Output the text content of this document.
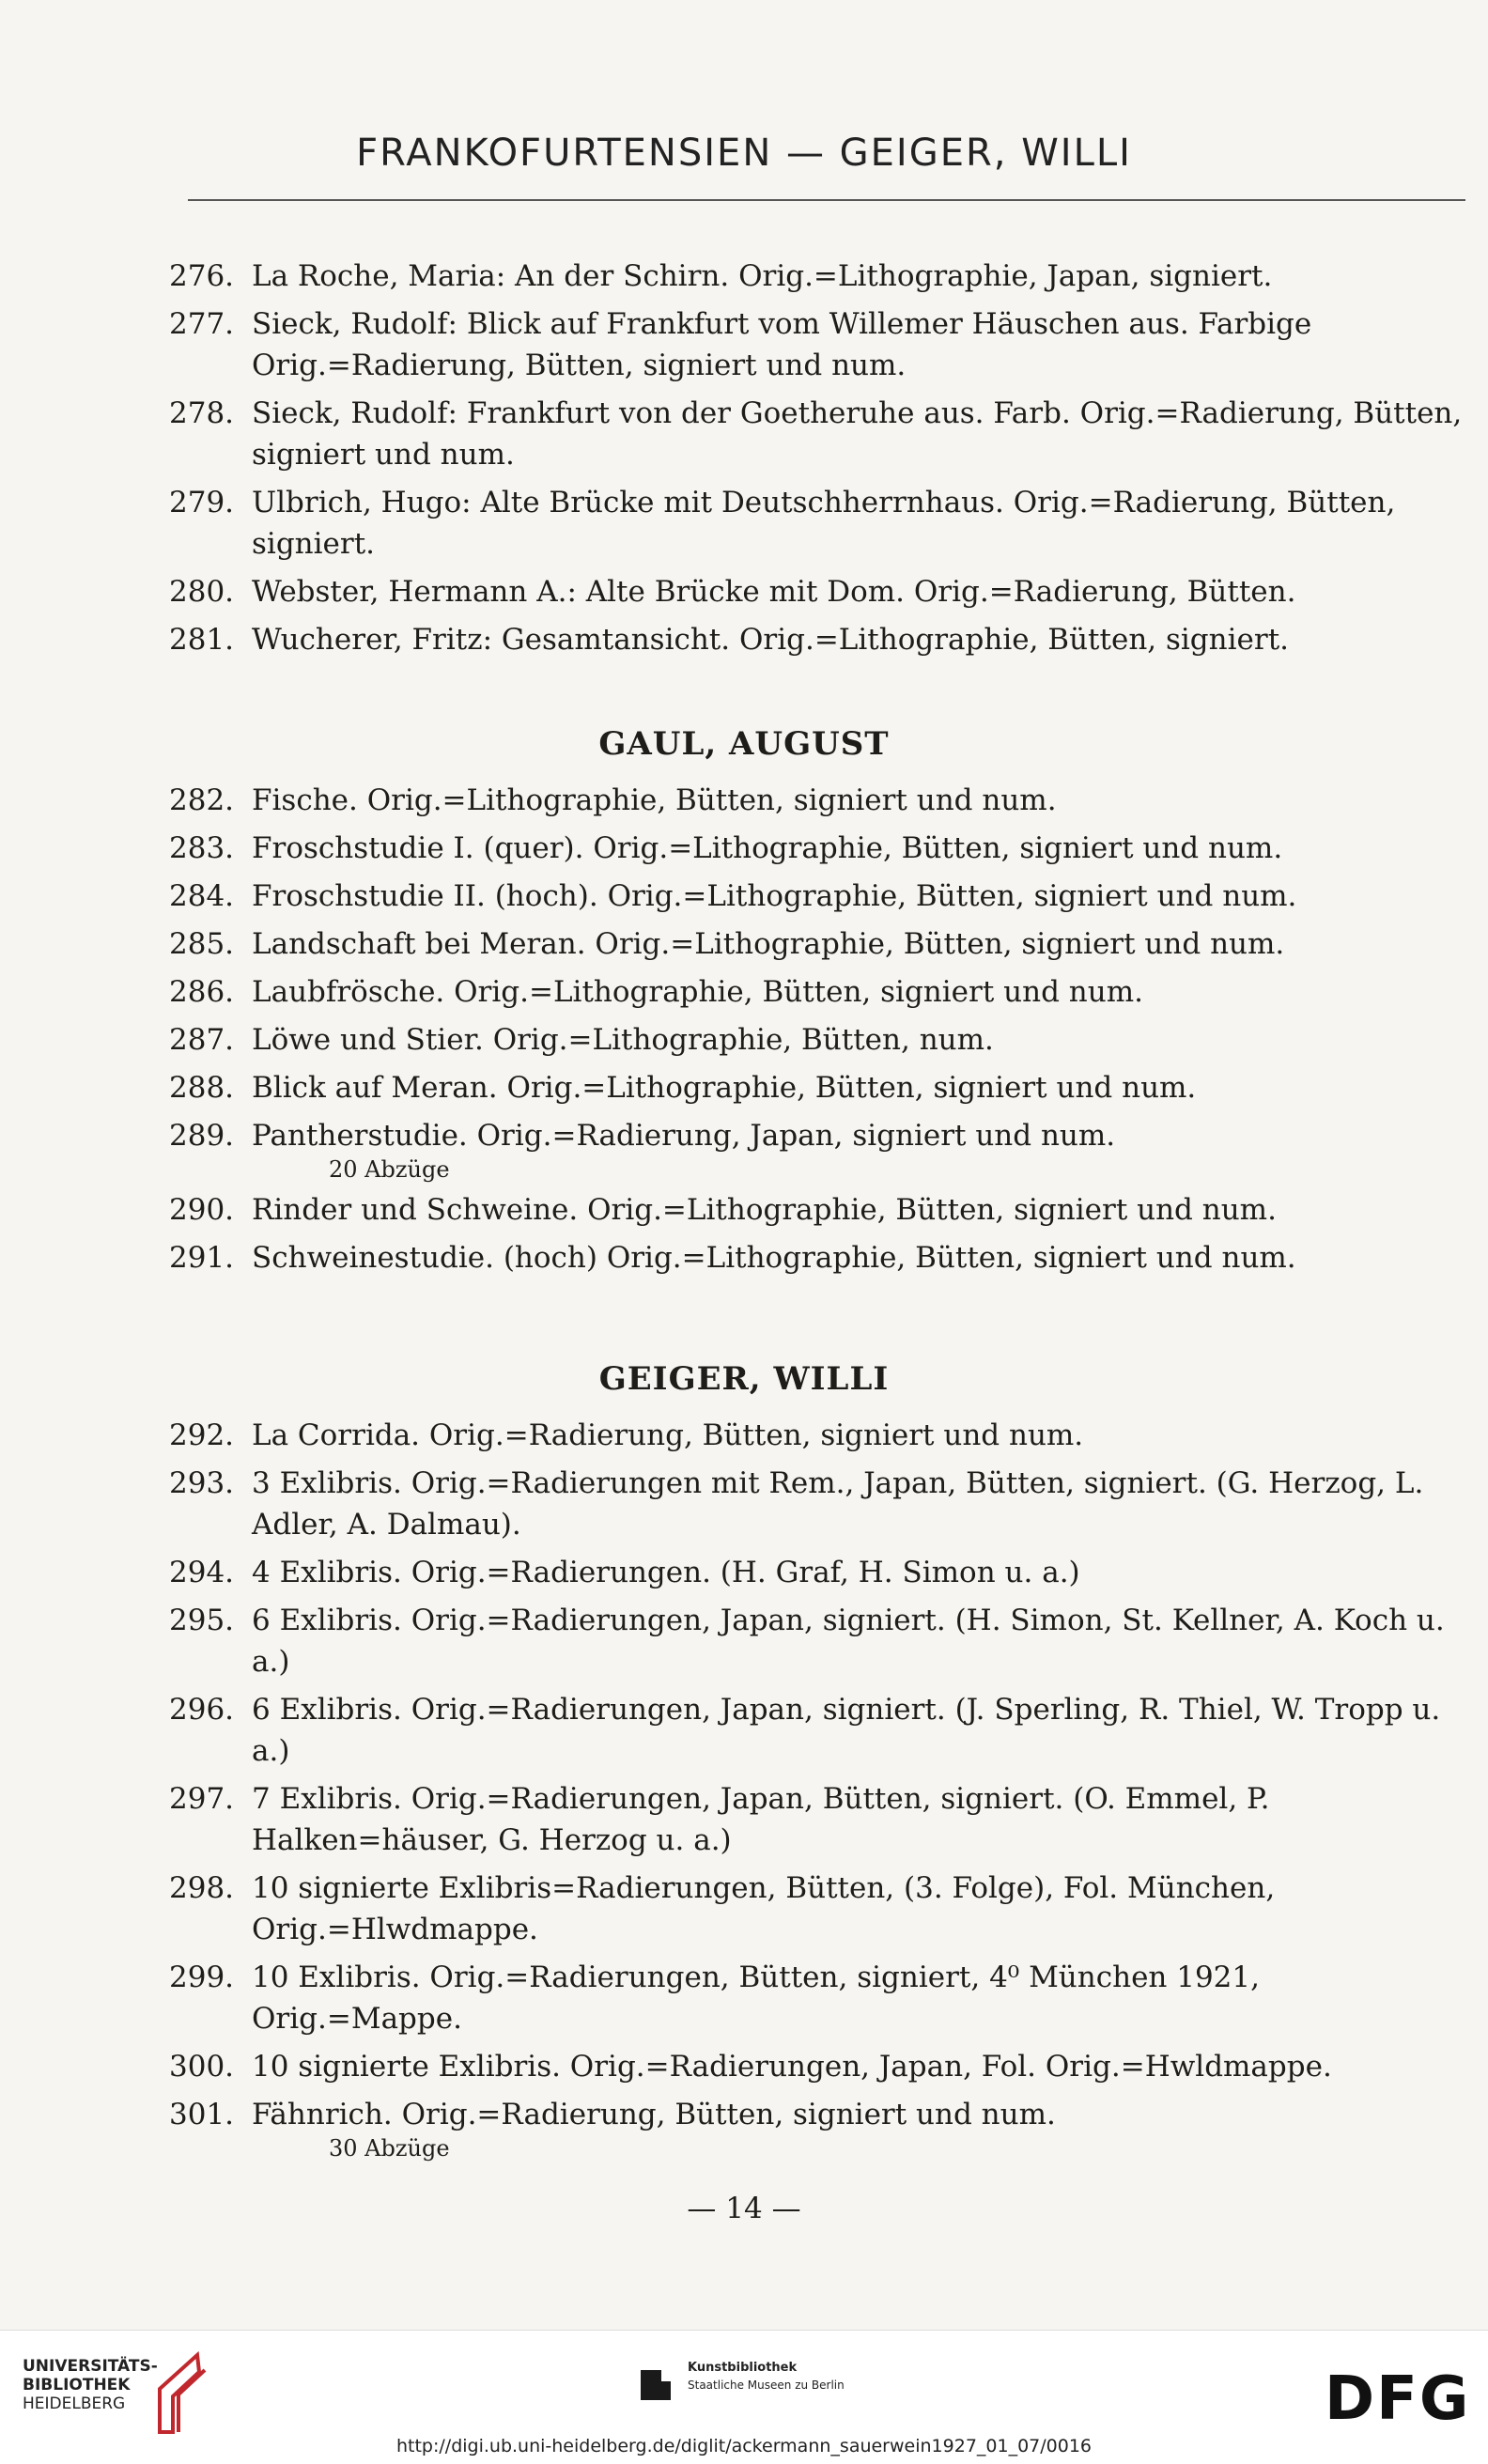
FRANKOFURTENSIEN — GEIGER, WILLI
276. La Roche, Maria: An der Schirn. Orig.=Lithographie, Japan, signiert.
277. Sieck, Rudolf: Blick auf Frankfurt vom Willemer Häuschen aus. Farbige Orig.=Radierung, Bütten, signiert und num.
278. Sieck, Rudolf: Frankfurt von der Goetheruhe aus. Farb. Orig.=Radierung, Bütten, signiert und num.
279. Ulbrich, Hugo: Alte Brücke mit Deutschherrnhaus. Orig.=Radierung, Bütten, signiert.
280. Webster, Hermann A.: Alte Brücke mit Dom. Orig.=Radierung, Bütten.
281. Wucherer, Fritz: Gesamtansicht. Orig.=Lithographie, Bütten, signiert.
GAUL, AUGUST
282. Fische. Orig.=Lithographie, Bütten, signiert und num.
283. Froschstudie I. (quer). Orig.=Lithographie, Bütten, signiert und num.
284. Froschstudie II. (hoch). Orig.=Lithographie, Bütten, signiert und num.
285. Landschaft bei Meran. Orig.=Lithographie, Bütten, signiert und num.
286. Laubfrösche. Orig.=Lithographie, Bütten, signiert und num.
287. Löwe und Stier. Orig.=Lithographie, Bütten, num.
288. Blick auf Meran. Orig.=Lithographie, Bütten, signiert und num.
289. Pantherstudie. Orig.=Radierung, Japan, signiert und num.
20 Abzüge
290. Rinder und Schweine. Orig.=Lithographie, Bütten, signiert und num.
291. Schweinestudie. (hoch) Orig.=Lithographie, Bütten, signiert und num.
GEIGER, WILLI
292. La Corrida. Orig.=Radierung, Bütten, signiert und num.
293. 3 Exlibris. Orig.=Radierungen mit Rem., Japan, Bütten, signiert. (G. Herzog, L. Adler, A. Dalmau).
294. 4 Exlibris. Orig.=Radierungen. (H. Graf, H. Simon u. a.)
295. 6 Exlibris. Orig.=Radierungen, Japan, signiert. (H. Simon, St. Kellner, A. Koch u. a.)
296. 6 Exlibris. Orig.=Radierungen, Japan, signiert. (J. Sperling, R. Thiel, W. Tropp u. a.)
297. 7 Exlibris. Orig.=Radierungen, Japan, Bütten, signiert. (O. Emmel, P. Halken=häuser, G. Herzog u. a.)
298. 10 signierte Exlibris=Radierungen, Bütten, (3. Folge), Fol. München, Orig.=Hlwdmappe.
299. 10 Exlibris. Orig.=Radierungen, Bütten, signiert, 4⁰ München 1921, Orig.=Mappe.
300. 10 signierte Exlibris. Orig.=Radierungen, Japan, Fol. Orig.=Hwldmappe.
301. Fähnrich. Orig.=Radierung, Bütten, signiert und num.
30 Abzüge
— 14 —
UNIVERSITÄTS-
BIBLIOTHEK
HEIDELBERG
Kunstbibliothek
Staatliche Museen zu Berlin	DFG
http://digi.ub.uni-heidelberg.de/diglit/ackermann_sauerwein1927_01_07/0016
